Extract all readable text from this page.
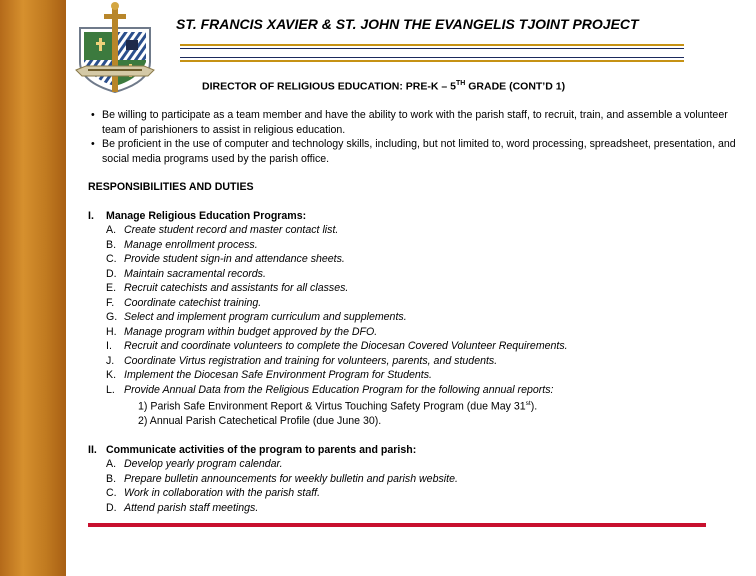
ST. FRANCIS XAVIER & ST. JOHN THE EVANGELIS TJOINT PROJECT
DIRECTOR OF RELIGIOUS EDUCATION: PRE-K – 5TH GRADE (CONT’D 1)
• Be willing to participate as a team member and have the ability to work with the parish staff, to recruit, train, and assemble a volunteer team of parishioners to assist in religious education.
• Be proficient in the use of computer and technology skills, including, but not limited to, word processing, spreadsheet, presentation, and social media programs used by the parish office.
RESPONSIBILITIES AND DUTIES
I. Manage Religious Education Programs:
A. Create student record and master contact list.
B. Manage enrollment process.
C. Provide student sign-in and attendance sheets.
D. Maintain sacramental records.
E. Recruit catechists and assistants for all classes.
F. Coordinate catechist training.
G. Select and implement program curriculum and supplements.
H. Manage program within budget approved by the DFO.
I. Recruit and coordinate volunteers to complete the Diocesan Covered Volunteer Requirements.
J. Coordinate Virtus registration and training for volunteers, parents, and students.
K. Implement the Diocesan Safe Environment Program for Students.
L. Provide Annual Data from the Religious Education Program for the following annual reports:
1) Parish Safe Environment Report & Virtus Touching Safety Program (due May 31st).
2) Annual Parish Catechetical Profile (due June 30).
II. Communicate activities of the program to parents and parish:
A. Develop yearly program calendar.
B. Prepare bulletin announcements for weekly bulletin and parish website.
C. Work in collaboration with the parish staff.
D. Attend parish staff meetings.
